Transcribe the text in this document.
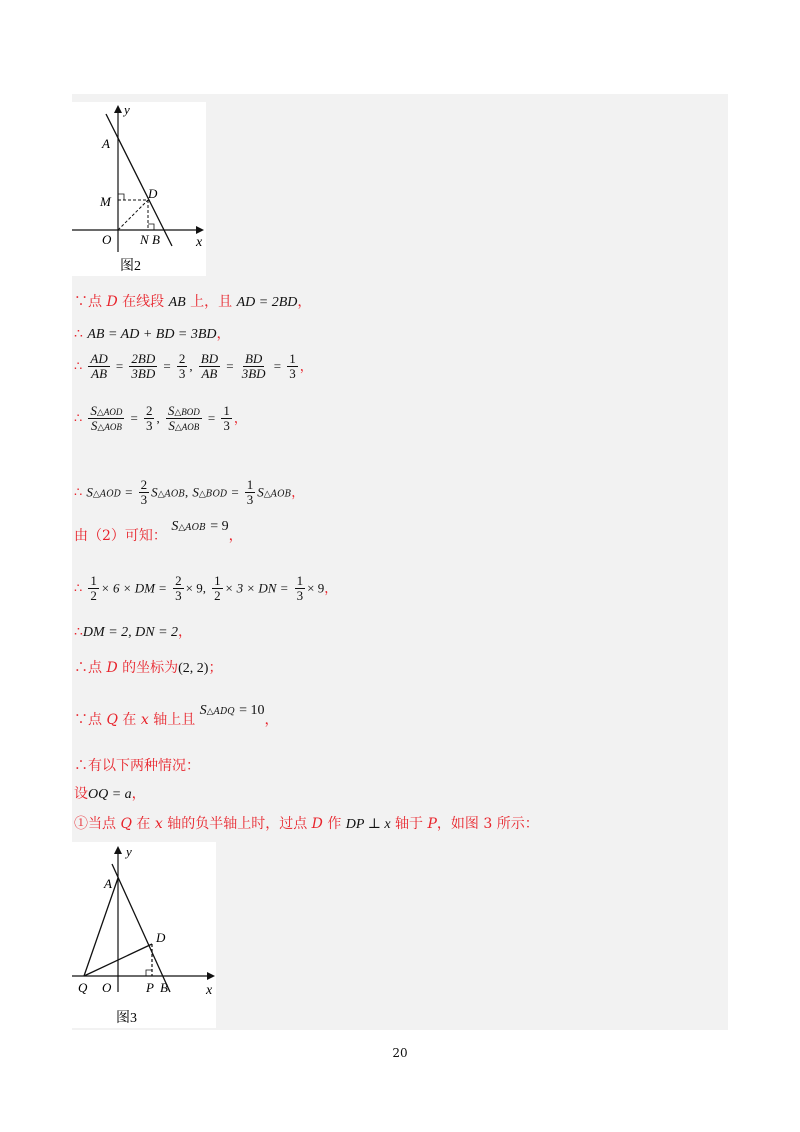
y
x
A
M
D
O N B
图2
∵点 D 在线段 AB 上，且 AD = 2BD，
∴ AB = AD + BD = 3BD，
∴ $\frac{AD}{AB} = \frac{2BD}{3BD} = \frac{2}{3}$ , $\frac{BD}{AB} = \frac{BD}{3BD} = \frac{1}{3}$ ，
∴ $\frac{\text{S△AOD}}{\text{S△AOB}} = \frac{2}{3}$ , $\frac{\text{S△BOD}}{\text{S△AOB}} = \frac{1}{3}$ ，
∴ S△AOD = $\frac{2}{3}$ S△AOB, S△BOD = $\frac{1}{3}$ S△AOB，
由（2）可知： S△AOB = 9，
∴ $\frac{1}{2} \times 6$ × DM = $\frac{2}{3} \times 9$, $\frac{1}{2} \times 3$ × DN = $\frac{1}{3} \times 9$，
∴DM = 2, DN = 2，
∴点 D 的坐标为(2, 2)；
∵点 Q 在 x 轴上且 S△ADQ = 10，
∴有以下两种情况：
设OQ = a，
①当点 Q 在 x 轴的负半轴上时，过点 D 作 DP ⊥ x 轴于 P，如图 3 所示：
y
x
A
D
Q O	P B
图3
20
